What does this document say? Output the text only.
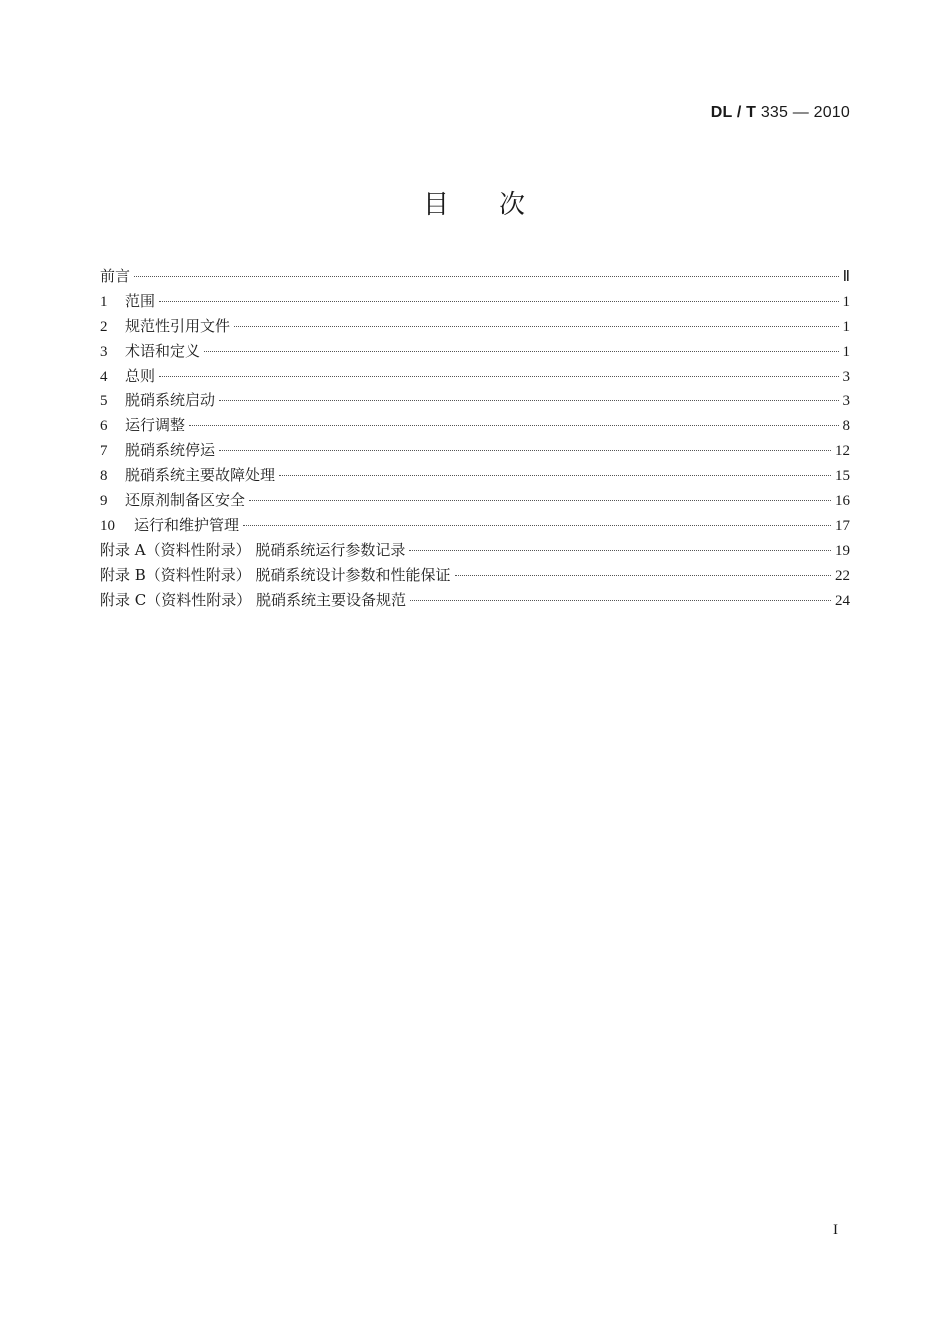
DL / T 335 — 2010
目 次
前言	Ⅱ
1	范围	1
2	规范性引用文件	1
3	术语和定义	1
4	总则	3
5	脱硝系统启动	3
6	运行调整	8
7	脱硝系统停运	12
8	脱硝系统主要故障处理	15
9	还原剂制备区安全	16
10	运行和维护管理	17
附录 A（资料性附录） 脱硝系统运行参数记录	19
附录 B（资料性附录） 脱硝系统设计参数和性能保证	22
附录 C（资料性附录） 脱硝系统主要设备规范	24
I
